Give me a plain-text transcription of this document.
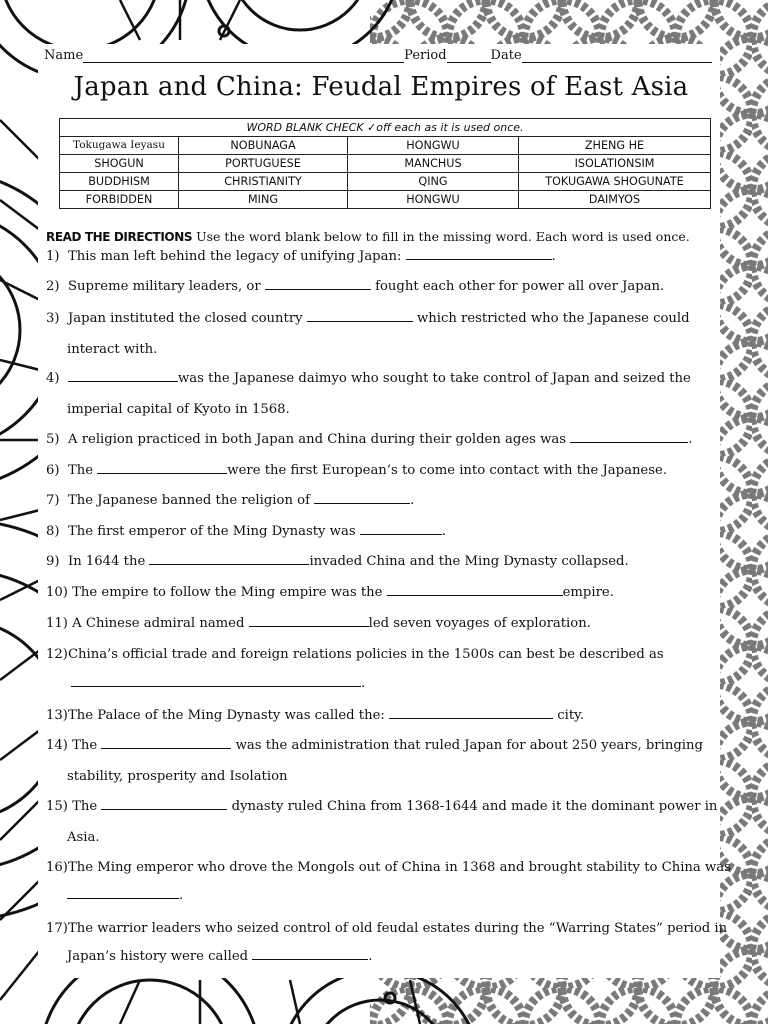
Name	Period	Date
Japan and China: Feudal Empires of East Asia
WORD BLANK CHECK ✓off each as it is used once.			
Tokugawa Ieyasu	NOBUNAGA	HONGWU	ZHENG HE
SHOGUN	PORTUGUESE	MANCHUS	ISOLATIONSIM
BUDDHISM	CHRISTIANITY	QING	TOKUGAWA SHOGUNATE
FORBIDDEN	MING	HONGWU	DAIMYOS
READ THE DIRECTIONS Use the word blank below to fill in the missing word. Each word is used once.
1) This man left behind the legacy of unifying Japan:	.
2) Supreme military leaders, or	fought each other for power all over Japan.
3) Japan instituted the closed country	which restricted who the Japanese could
interact with.
4)	was the Japanese daimyo who sought to take control of Japan and seized the
imperial capital of Kyoto in 1568.
5) A religion practiced in both Japan and China during their golden ages was	.
6) The	were the first European’s to come into contact with the Japanese.
7) The Japanese banned the religion of	.
8) The first emperor of the Ming Dynasty was	.
9) In 1644 the	invaded China and the Ming Dynasty collapsed.
10) The empire to follow the Ming empire was the	empire.
11) A Chinese admiral named	led seven voyages of exploration.
12)China’s official trade and foreign relations policies in the 1500s can best be described as
.
13)The Palace of the Ming Dynasty was called the:	city.
14) The	was the administration that ruled Japan for about 250 years, bringing
stability, prosperity and Isolation
15) The	dynasty ruled China from 1368-1644 and made it the dominant power in
Asia.
16)The Ming emperor who drove the Mongols out of China in 1368 and brought stability to China was
.
17)The warrior leaders who seized control of old feudal estates during the “Warring States” period in
Japan’s history were called	.
